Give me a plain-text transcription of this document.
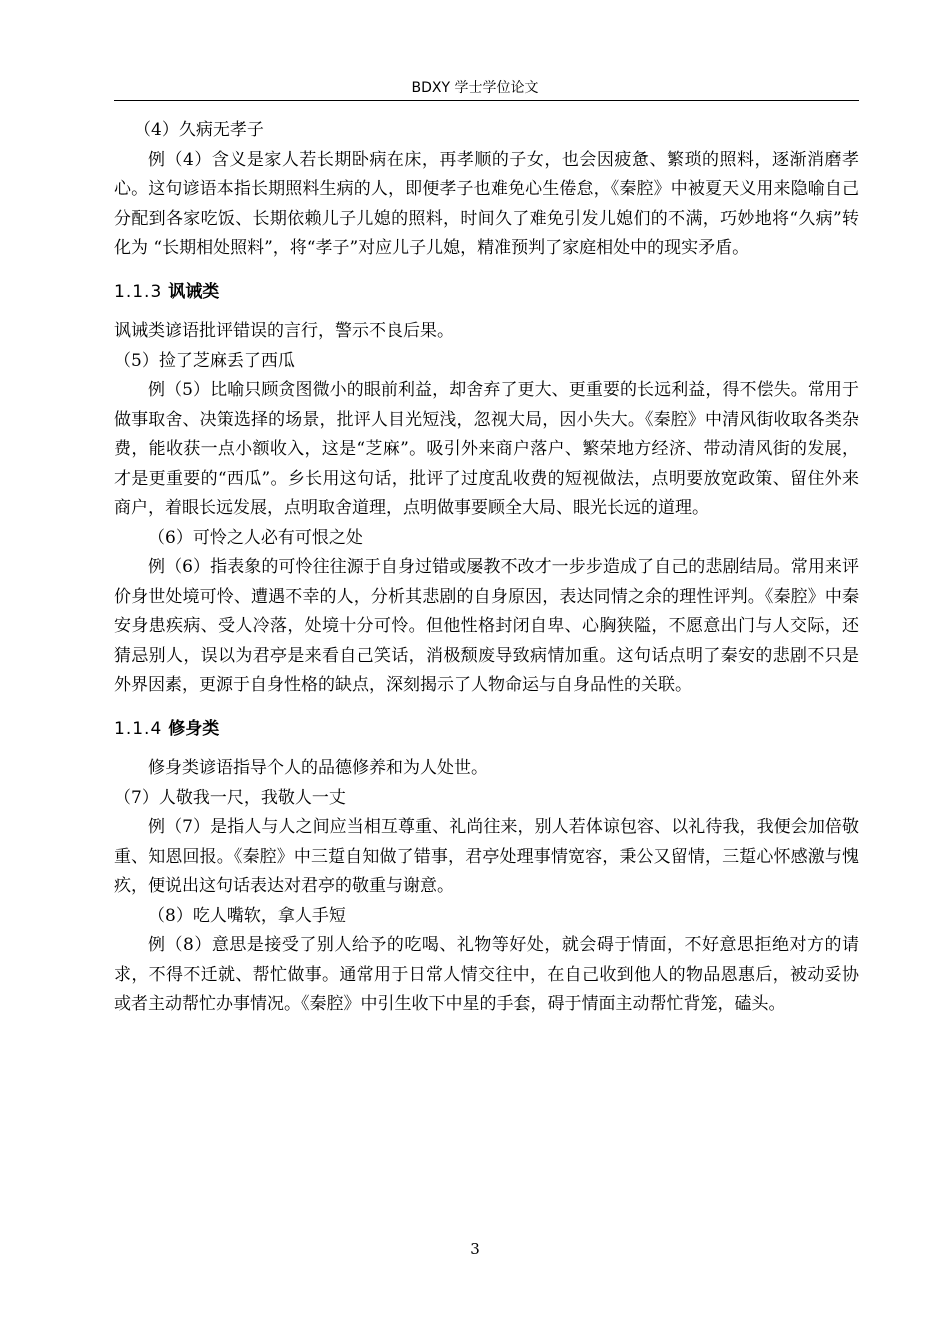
BDXY 学士学位论文

（4）久病无孝子

例（4）含义是家人若长期卧病在床，再孝顺的子女，也会因疲惫、繁琐的照料，逐渐消磨孝心。这句谚语本指长期照料生病的人，即便孝子也难免心生倦怠，《秦腔》中被夏天义用来隐喻自己分配到各家吃饭、长期依赖儿子儿媳的照料，时间久了难免引发儿媳们的不满，巧妙地将“久病”转化为 “长期相处照料”，将“孝子”对应儿子儿媳，精准预判了家庭相处中的现实矛盾。

1.1.3 讽诫类

讽诫类谚语批评错误的言行，警示不良后果。

（5）捡了芝麻丢了西瓜

例（5）比喻只顾贪图微小的眼前利益，却舍弃了更大、更重要的长远利益，得不偿失。常用于做事取舍、决策选择的场景，批评人目光短浅，忽视大局，因小失大。《秦腔》中清风街收取各类杂费，能收获一点小额收入，这是“芝麻”。吸引外来商户落户、繁荣地方经济、带动清风街的发展，才是更重要的“西瓜”。乡长用这句话，批评了过度乱收费的短视做法，点明要放宽政策、留住外来商户，着眼长远发展，点明取舍道理，点明做事要顾全大局、眼光长远的道理。

（6）可怜之人必有可恨之处

例（6）指表象的可怜往往源于自身过错或屡教不改才一步步造成了自己的悲剧结局。常用来评价身世处境可怜、遭遇不幸的人，分析其悲剧的自身原因，表达同情之余的理性评判。《秦腔》中秦安身患疾病、受人冷落，处境十分可怜。但他性格封闭自卑、心胸狭隘，不愿意出门与人交际，还猜忌别人，误以为君亭是来看自己笑话，消极颓废导致病情加重。这句话点明了秦安的悲剧不只是外界因素，更源于自身性格的缺点，深刻揭示了人物命运与自身品性的关联。

1.1.4 修身类

修身类谚语指导个人的品德修养和为人处世。

（7）人敬我一尺，我敬人一丈

例（7）是指人与人之间应当相互尊重、礼尚往来，别人若体谅包容、以礼待我，我便会加倍敬重、知恩回报。《秦腔》中三踅自知做了错事，君亭处理事情宽容，秉公又留情，三踅心怀感激与愧疚，便说出这句话表达对君亭的敬重与谢意。

（8）吃人嘴软，拿人手短

例（8）意思是接受了别人给予的吃喝、礼物等好处，就会碍于情面，不好意思拒绝对方的请求，不得不迁就、帮忙做事。通常用于日常人情交往中，在自己收到他人的物品恩惠后，被动妥协或者主动帮忙办事情况。《秦腔》中引生收下中星的手套，碍于情面主动帮忙背笼，磕头。

3
